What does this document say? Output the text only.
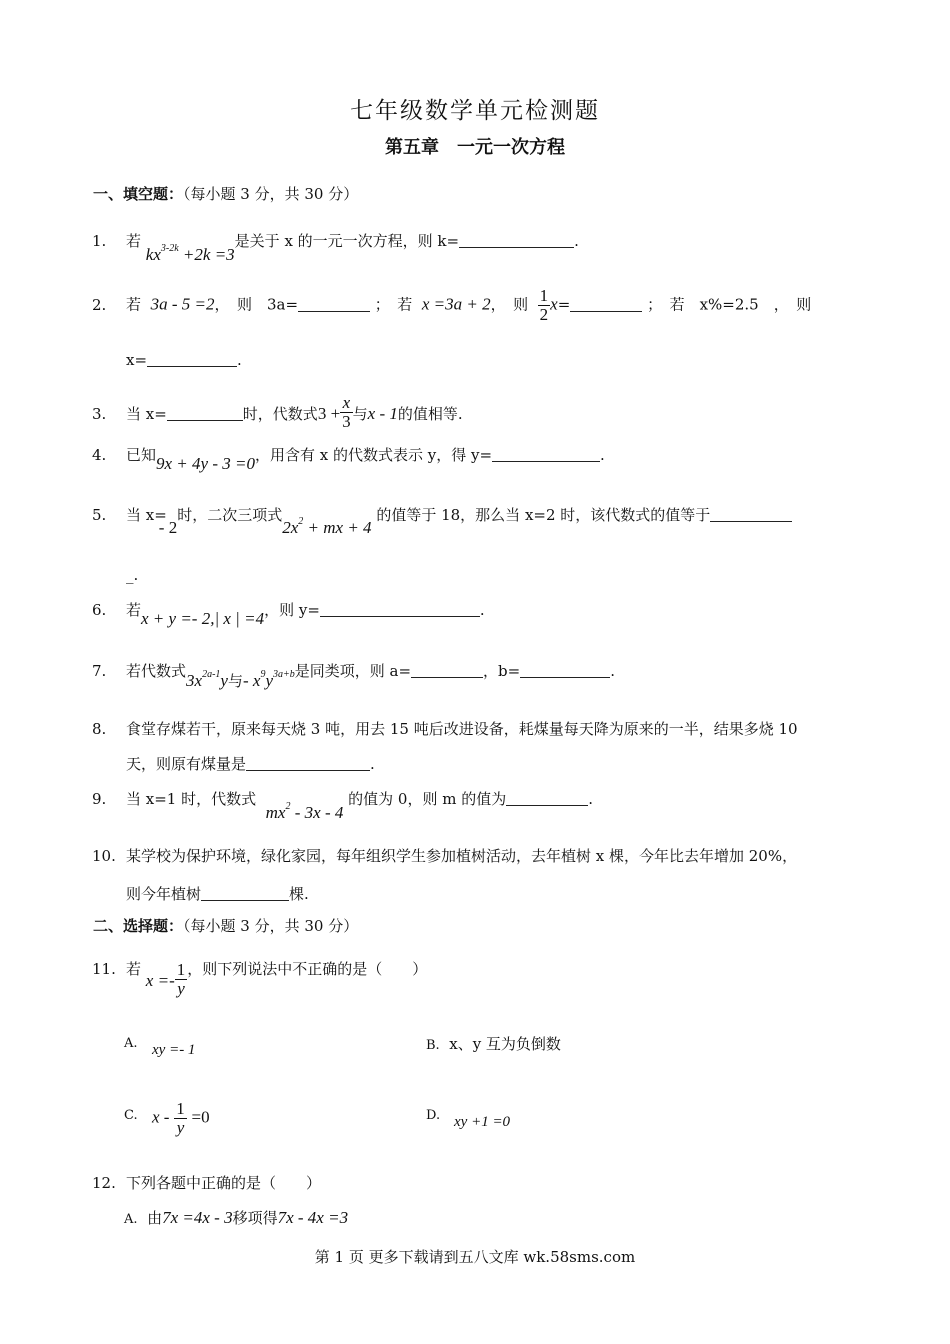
七年级数学单元检测题
第五章　一元一次方程
一、填空题：（每小题 3 分，共 30 分）
1. 若 $kx^{3-2k} +2k =3$是关于 x 的一元一次方程，则 k=	.
2. 若 3a - 5 =2，　则　3a=	；　若 x =3a + 2，　则 $\frac{1}{2} x=$	；　若　x%=2.5　，　则
x=	.
3. 当 x=	时，代数式$3 + \frac{x}{3}$ 与x - 1的值相等.
4. 已知9x + 4y - 3 =0，用含有 x 的代数式表示 y，得 y=	.
5. 当 x=- 2时，二次三项式$2x^2$ + mx + 4 的值等于 18，那么当 x=2 时，该代数式的值等于
_.
6. 若x + y =- 2,| x | =4，则 y=	.
7. 若代数式$3x^{2a-1}y$与- $x^9y^{3a+b}$是同类项，则 a=	，b=	.
8. 食堂存煤若干，原来每天烧 3 吨，用去 15 吨后改进设备，耗煤量每天降为原来的一半，结果多烧 10
天，则原有煤量是	.
9. 当 x=1 时，代数式  $mx^2 - 3x - 4$ 的值为 0，则 m 的值为	.
10. 某学校为保护环境，绿化家园，每年组织学生参加植树活动，去年植树 x 棵，今年比去年增加 20%，
则今年植树	棵.
二、选择题：（每小题 3 分，共 30 分）
11. 若 $x =- \frac{1}{y}$ ，则下列说法中不正确的是（　　）
A. xy =- 1	B. x、y 互为负倒数
C. $x - \frac{1}{y} =0$	D. xy +1 =0
12. 下列各题中正确的是（　　）
A. 由7x =4x - 3移项得7x - 4x =3
第 1 页 更多下载请到五八文库 wk.58sms.com
